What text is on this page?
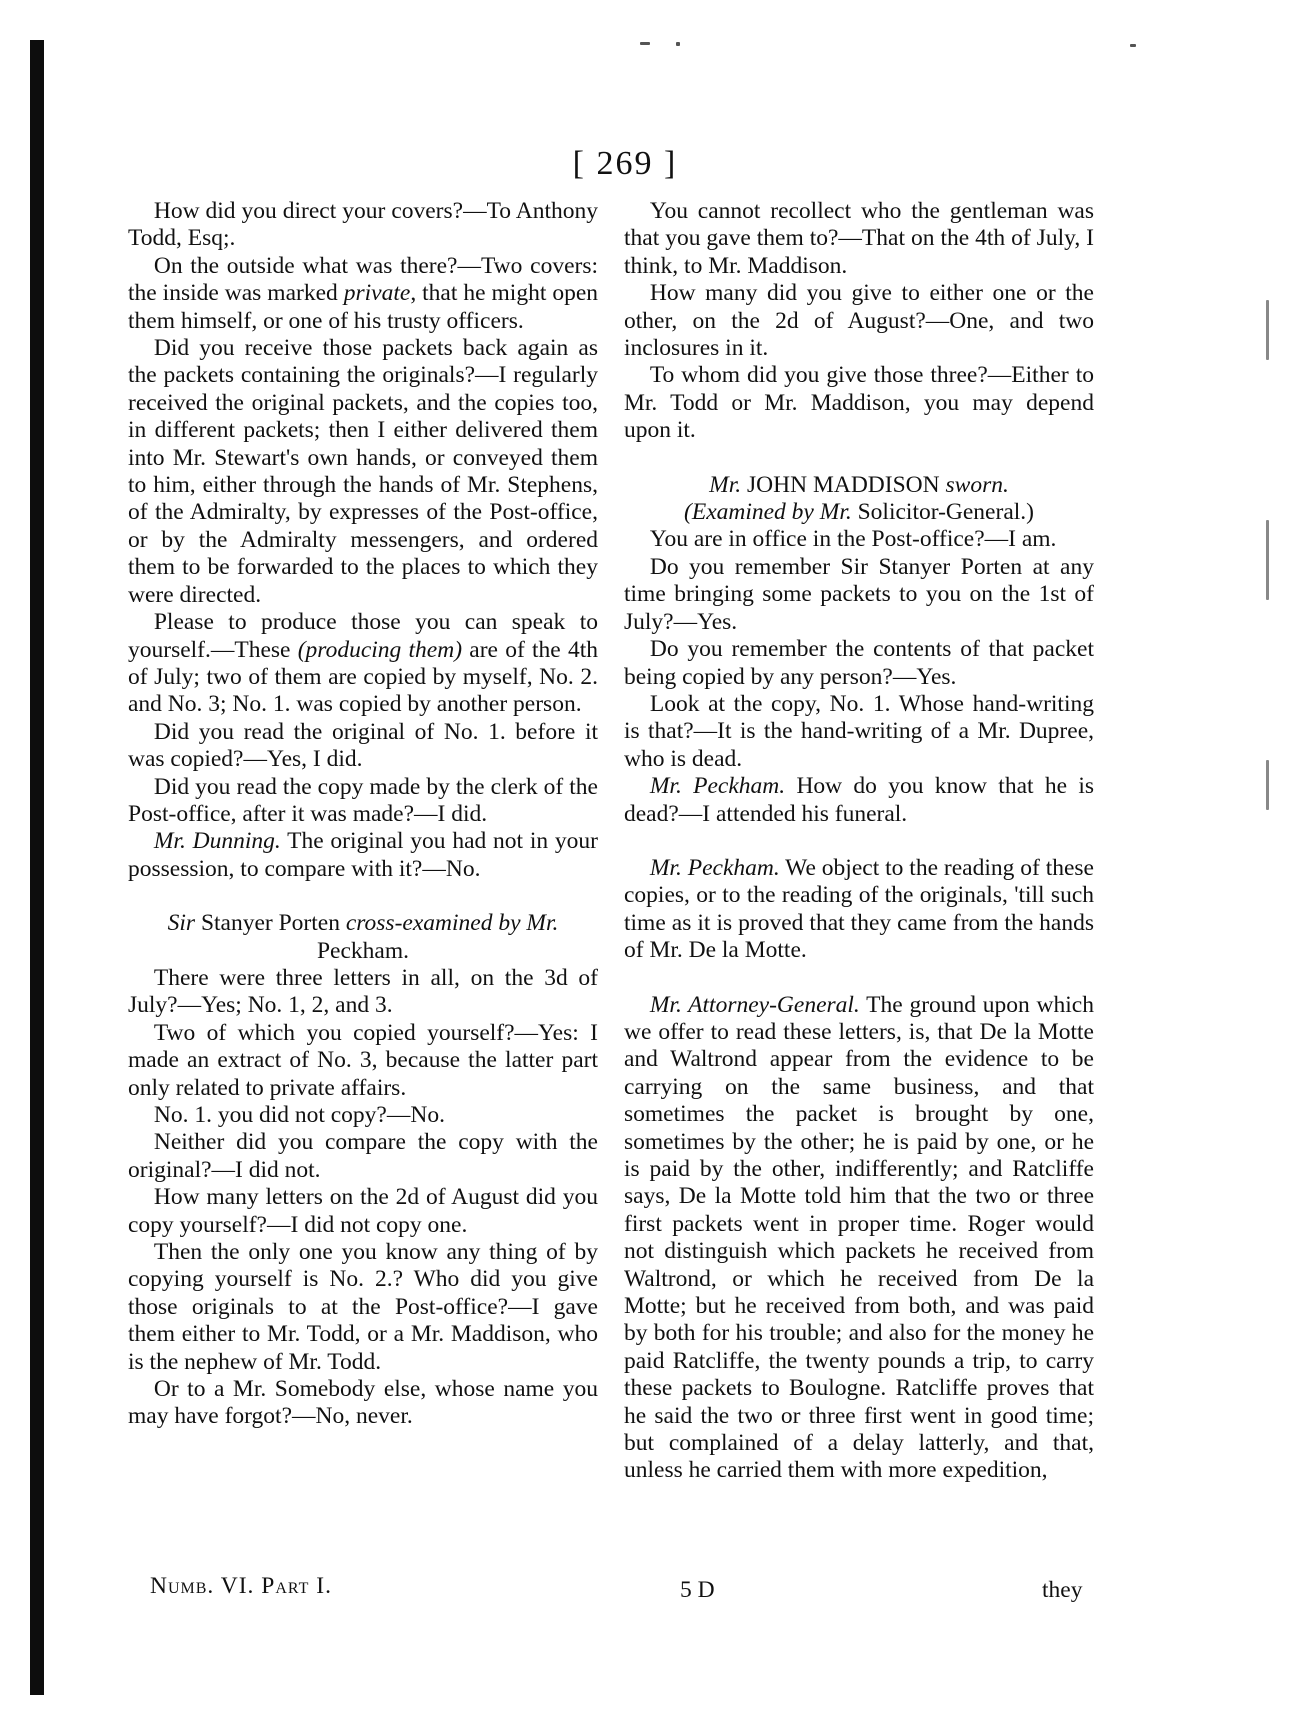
[ 269 ]

How did you direct your covers?—To Anthony Todd, Esq;.

On the outside what was there?—Two covers: the inside was marked private, that he might open them himself, or one of his trusty officers.

Did you receive those packets back again as the packets containing the originals?—I regularly received the original packets, and the copies too, in different packets; then I either delivered them into Mr. Stewart's own hands, or conveyed them to him, either through the hands of Mr. Stephens, of the Admiralty, by expresses of the Post-office, or by the Admiralty messengers, and ordered them to be forwarded to the places to which they were directed.

Please to produce those you can speak to yourself.—These (producing them) are of the 4th of July; two of them are copied by myself, No. 2. and No. 3; No. 1. was copied by another person.

Did you read the original of No. 1. before it was copied?—Yes, I did.

Did you read the copy made by the clerk of the Post-office, after it was made?—I did.

Mr. Dunning. The original you had not in your possession, to compare with it?—No.

Sir Stanyer Porten cross-examined by Mr. Peckham.

There were three letters in all, on the 3d of July?—Yes; No. 1, 2, and 3.

Two of which you copied yourself?—Yes: I made an extract of No. 3, because the latter part only related to private affairs.

No. 1. you did not copy?—No.

Neither did you compare the copy with the original?—I did not.

How many letters on the 2d of August did you copy yourself?—I did not copy one.

Then the only one you know any thing of by copying yourself is No. 2.? Who did you give those originals to at the Post-office?—I gave them either to Mr. Todd, or a Mr. Maddison, who is the nephew of Mr. Todd.

Or to a Mr. Somebody else, whose name you may have forgot?—No, never.

You cannot recollect who the gentleman was that you gave them to?—That on the 4th of July, I think, to Mr. Maddison.

How many did you give to either one or the other, on the 2d of August?—One, and two inclosures in it.

To whom did you give those three?—Either to Mr. Todd or Mr. Maddison, you may depend upon it.

Mr. JOHN MADDISON sworn.

(Examined by Mr. Solicitor-General.)

You are in office in the Post-office?—I am.

Do you remember Sir Stanyer Porten at any time bringing some packets to you on the 1st of July?—Yes.

Do you remember the contents of that packet being copied by any person?—Yes.

Look at the copy, No. 1. Whose hand-writing is that?—It is the hand-writing of a Mr. Dupree, who is dead.

Mr. Peckham. How do you know that he is dead?—I attended his funeral.

Mr. Peckham. We object to the reading of these copies, or to the reading of the originals, 'till such time as it is proved that they came from the hands of Mr. De la Motte.

Mr. Attorney-General. The ground upon which we offer to read these letters, is, that De la Motte and Waltrond appear from the evidence to be carrying on the same business, and that sometimes the packet is brought by one, sometimes by the other; he is paid by one, or he is paid by the other, indifferently; and Ratcliffe says, De la Motte told him that the two or three first packets went in proper time. Roger would not distinguish which packets he received from Waltrond, or which he received from De la Motte; but he received from both, and was paid by both for his trouble; and also for the money he paid Ratcliffe, the twenty pounds a trip, to carry these packets to Boulogne. Ratcliffe proves that he said the two or three first went in good time; but complained of a delay latterly, and that, unless he carried them with more expedition,

Numb. VI. Part I.	5 D	they
